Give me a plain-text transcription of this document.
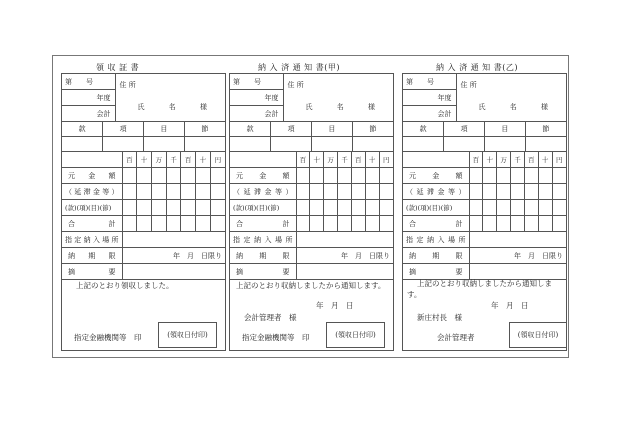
領 収 証 書	納 入 済 通 知 書(甲)	納 入 済 通 知 書(乙)
第　　号	住 所
氏 名 様

年度
会計
款	項	目	節

	百	十	万	千	百	十	円
元 金 額							
（延滞金等）							
(款)(項)(目)(節)							
合 計							
指定納入場所	
納 期 限	年　月　日限り
摘 要	
上記のとおり領収しました。
指定金融機関等　印	(領収日付印)
第　　号	住 所
氏 名 様

年度
会計
款	項	目	節

	百	十	万	千	百	十	円
元 金 額							
（延滞金等）							
(款)(項)(目)(節)							
合 計							
指定納入場所	
納 期 限	年　月　日限り
摘 要	
上記のとおり収納しましたから通知します。
年　月　日
会計管理者　様
指定金融機関等　印	(領収日付印)
第　　号	住 所
氏 名 様

年度
会計
款	項	目	節

	百	十	万	千	百	十	円
元 金 額							
（延滞金等）							
(款)(項)(目)(節)							
合 計							
指定納入場所	
納 期 限	年　月　日限り
摘 要	
上記のとおり収納しましたから通知しま
す。
年　月　日
新庄村長　様
会計管理者	(領収日付印)
